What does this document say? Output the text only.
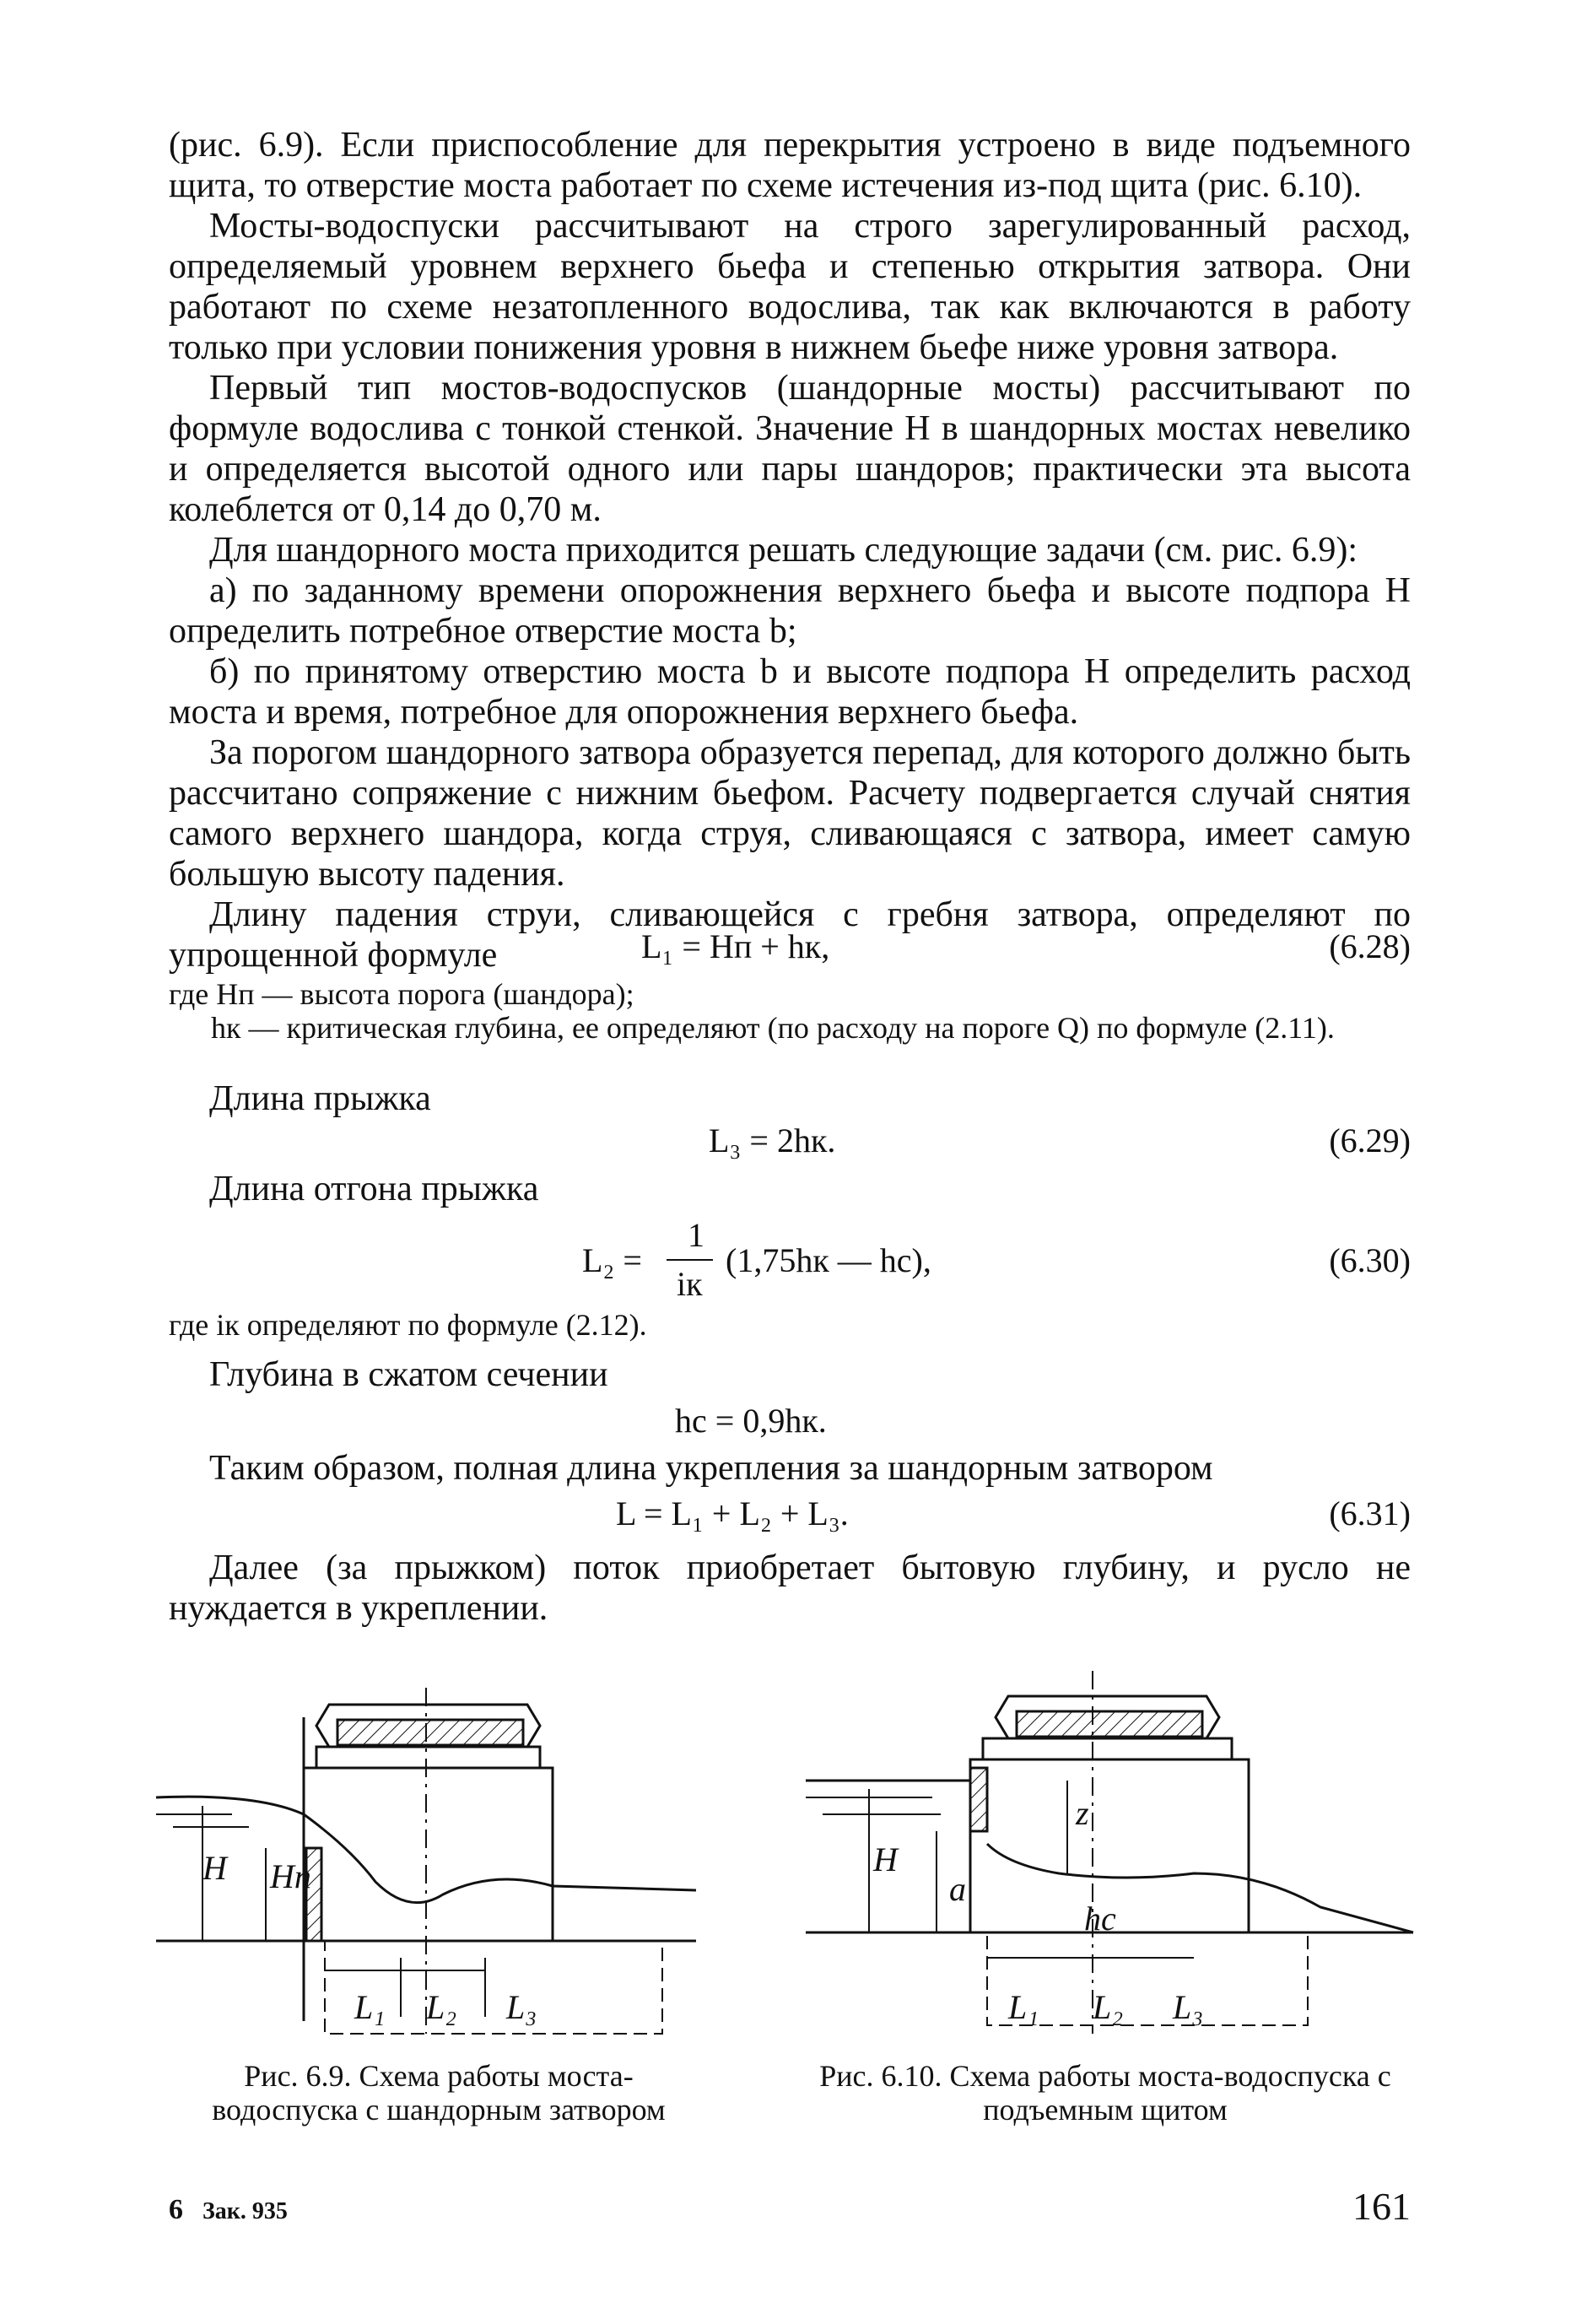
(рис. 6.9). Если приспособление для перекрытия устроено в виде подъемного щита, то отверстие моста работает по схеме истечения из-под щита (рис. 6.10).

Мосты-водоспуски рассчитывают на строго зарегулированный расход, определяемый уровнем верхнего бьефа и степенью открытия затвора. Они работают по схеме незатопленного водослива, так как включаются в работу только при условии понижения уровня в нижнем бьефе ниже уровня затвора.

Первый тип мостов-водоспусков (шандорные мосты) рассчитывают по формуле водослива с тонкой стенкой. Значение H в шандорных мостах невелико и определяется высотой одного или пары шандоров; практически эта высота колеблется от 0,14 до 0,70 м.

Для шандорного моста приходится решать следующие задачи (см. рис. 6.9):

а) по заданному времени опорожнения верхнего бьефа и высоте подпора H определить потребное отверстие моста b;

б) по принятому отверстию моста b и высоте подпора H определить расход моста и время, потребное для опорожнения верхнего бьефа.

За порогом шандорного затвора образуется перепад, для которого должно быть рассчитано сопряжение с нижним бьефом. Расчету подвергается случай снятия самого верхнего шандора, когда струя, сливающаяся с затвора, имеет самую большую высоту падения.

Длину падения струи, сливающейся с гребня затвора, определяют по упрощенной формуле	L₁ = Hп + hк,	(6.28)
где Hп — высота порога (шандора);
hк — критическая глубина, ее определяют (по расходу на пороге Q) по формуле (2.11).
Длина прыжка
L₃ = 2hк.	(6.29)
Длина отгона прыжка
L₂ =
1
iк
(1,75hк — hс),	(6.30)
где iк определяют по формуле (2.12).
Глубина в сжатом сечении
hс = 0,9hк.
Таким образом, полная длина укрепления за шандорным затвором
L = L₁ + L₂ + L₃.	(6.31)

Далее (за прыжком) поток приобретает бытовую глубину, и русло не нуждается в укреплении.

H Hп
L₁ L₂ L₃
Рис. 6.9. Схема работы моста-водоспуска с шандорным затвором
H
a
z
hс
L₁ L₂ L₃
Рис. 6.10. Схема работы моста-водоспуска с подъемным щитом
6 Зак. 935	161
